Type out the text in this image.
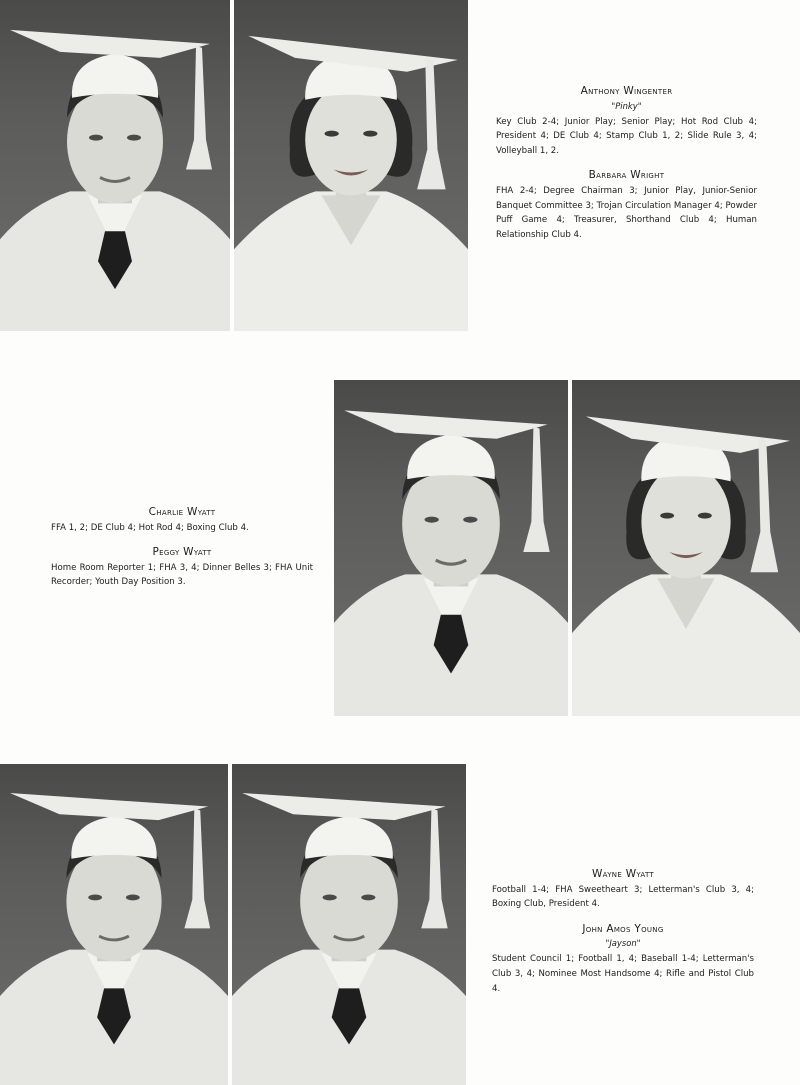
Anthony Wingenter
"Pinky"
Key Club 2-4; Junior Play; Senior Play; Hot Rod Club 4; President 4; DE Club 4; Stamp Club 1, 2; Slide Rule 3, 4; Volleyball 1, 2.
Barbara Wright
FHA 2-4; Degree Chairman 3; Junior Play, Junior-Senior Banquet Committee 3; Trojan Circulation Manager 4; Powder Puff Game 4; Treasurer, Shorthand Club 4; Human Relationship Club 4.
Charlie Wyatt
FFA 1, 2; DE Club 4; Hot Rod 4; Boxing Club 4.
Peggy Wyatt
Home Room Reporter 1; FHA 3, 4; Dinner Belles 3; FHA Unit Recorder; Youth Day Position 3.
Wayne Wyatt
Football 1-4; FHA Sweetheart 3; Letterman's Club 3, 4; Boxing Club, President 4.
John Amos Young
"Jayson"
Student Council 1; Football 1, 4; Baseball 1-4; Letterman's Club 3, 4; Nominee Most Handsome 4; Rifle and Pistol Club 4.
